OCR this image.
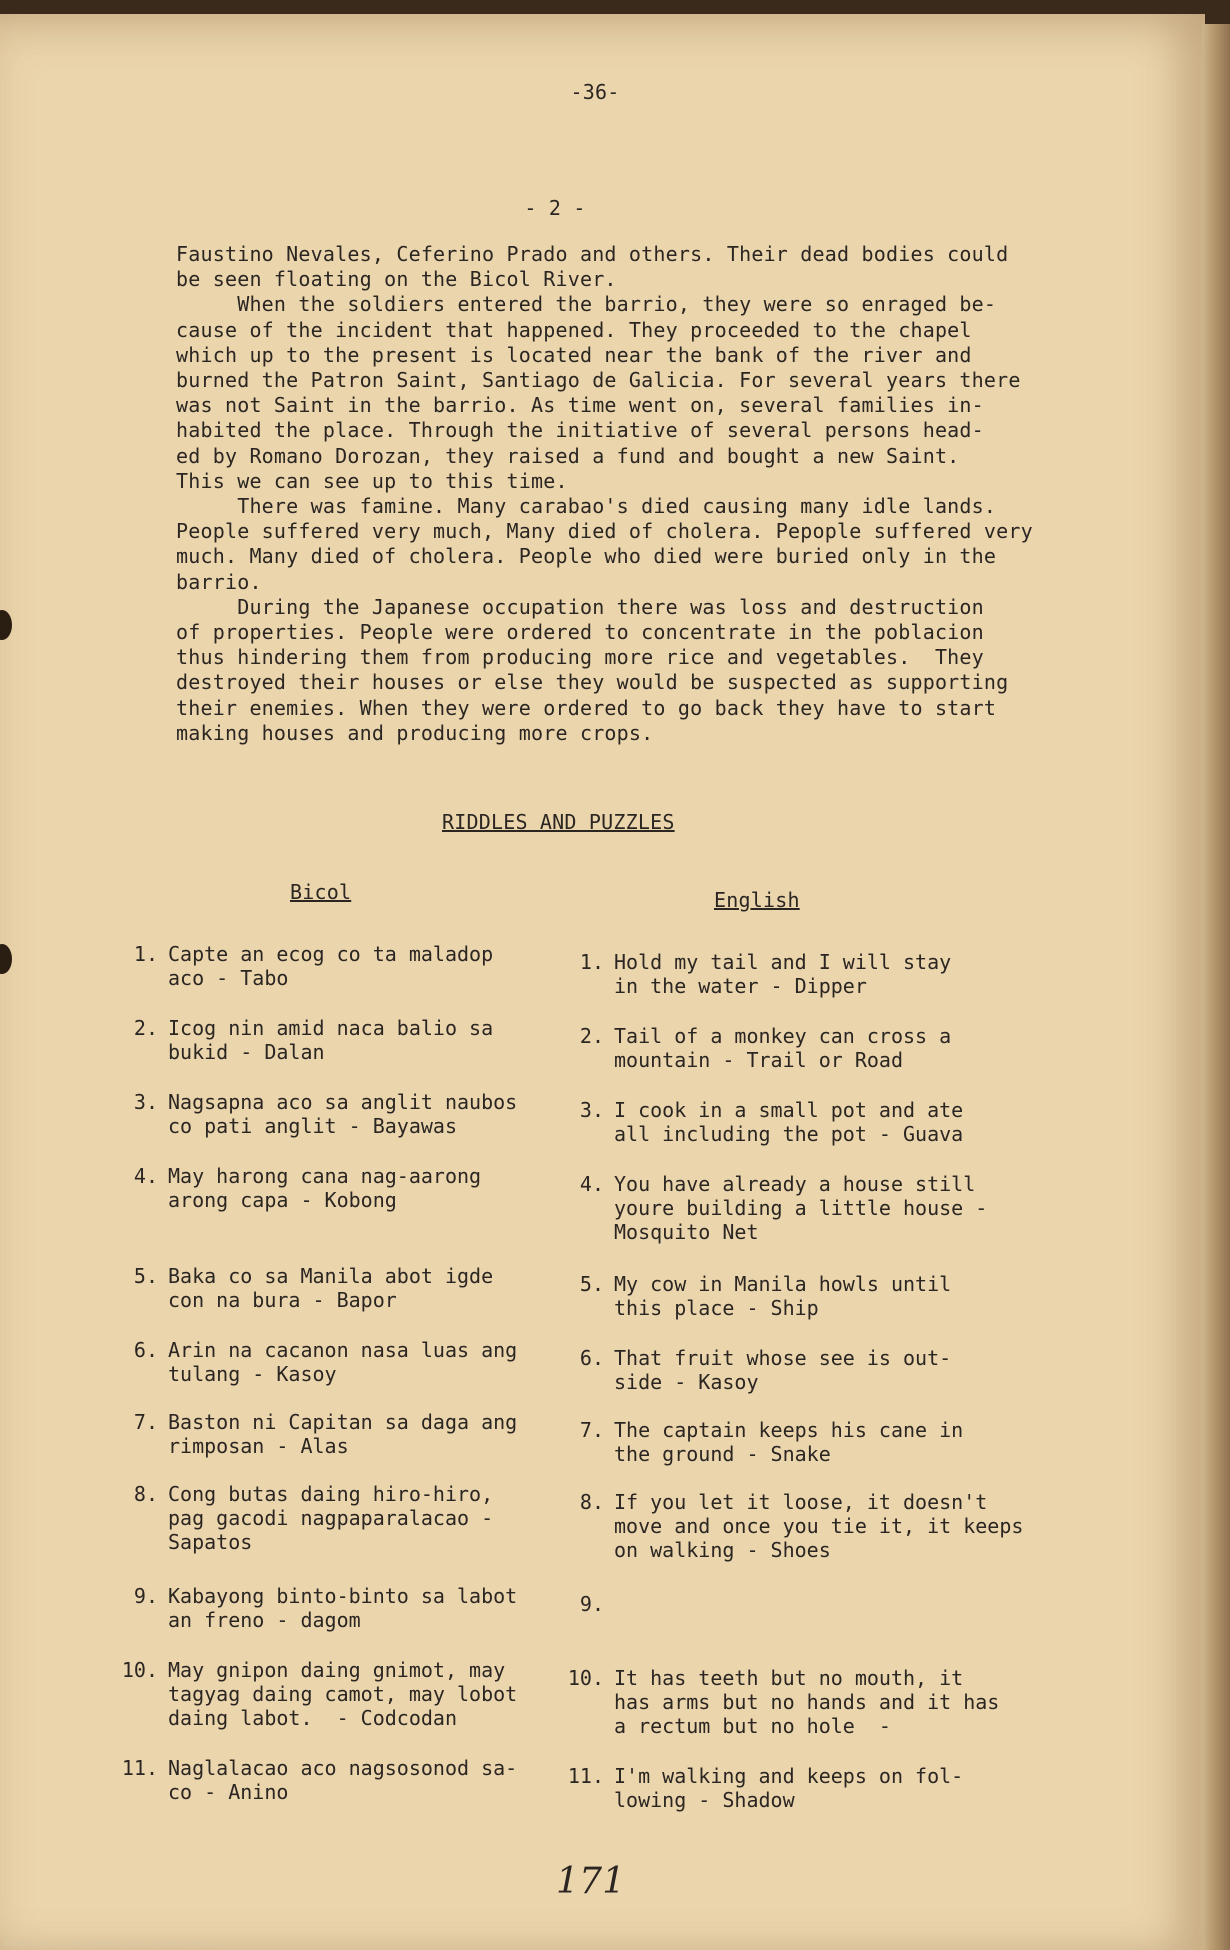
-36-
- 2 -
Faustino Nevales, Ceferino Prado and others. Their dead bodies could
be seen floating on the Bicol River.
When the soldiers entered the barrio, they were so enraged be-
cause of the incident that happened. They proceeded to the chapel
which up to the present is located near the bank of the river and
burned the Patron Saint, Santiago de Galicia. For several years there
was not Saint in the barrio. As time went on, several families in-
habited the place. Through the initiative of several persons head-
ed by Romano Dorozan, they raised a fund and bought a new Saint.
This we can see up to this time.
There was famine. Many carabao's died causing many idle lands.
People suffered very much, Many died of cholera. Pepople suffered very
much. Many died of cholera. People who died were buried only in the
barrio.
During the Japanese occupation there was loss and destruction
of properties. People were ordered to concentrate in the poblacion
thus hindering them from producing more rice and vegetables.  They
destroyed their houses or else they would be suspected as supporting
their enemies. When they were ordered to go back they have to start
making houses and producing more crops.
RIDDLES AND PUZZLES
Bicol	English
1. Capte an ecog co ta maladop
aco - Tabo
2. Icog nin amid naca balio sa
bukid - Dalan
3. Nagsapna aco sa anglit naubos
co pati anglit - Bayawas
4. May harong cana nag-aarong
arong capa - Kobong
5. Baka co sa Manila abot igde
con na bura - Bapor
6. Arin na cacanon nasa luas ang
tulang - Kasoy
7. Baston ni Capitan sa daga ang
rimposan - Alas
8. Cong butas daing hiro-hiro,
pag gacodi nagpaparalacao -
Sapatos
9. Kabayong binto-binto sa labot
an freno - dagom
10. May gnipon daing gnimot, may
tagyag daing camot, may lobot
daing labot.  - Codcodan
11. Naglalacao aco nagsosonod sa-
co - Anino
1. Hold my tail and I will stay
in the water - Dipper
2. Tail of a monkey can cross a
mountain - Trail or Road
3. I cook in a small pot and ate
all including the pot - Guava
4. You have already a house still
youre building a little house -
Mosquito Net
5. My cow in Manila howls until
this place - Ship
6. That fruit whose see is out-
side - Kasoy
7. The captain keeps his cane in
the ground - Snake
8. If you let it loose, it doesn't
move and once you tie it, it keeps
on walking - Shoes
9.
10. It has teeth but no mouth, it
has arms but no hands and it has
a rectum but no hole  -
11. I'm walking and keeps on fol-
lowing - Shadow
171
National Library of the Philippines HDLPCOS000000000000.tif
